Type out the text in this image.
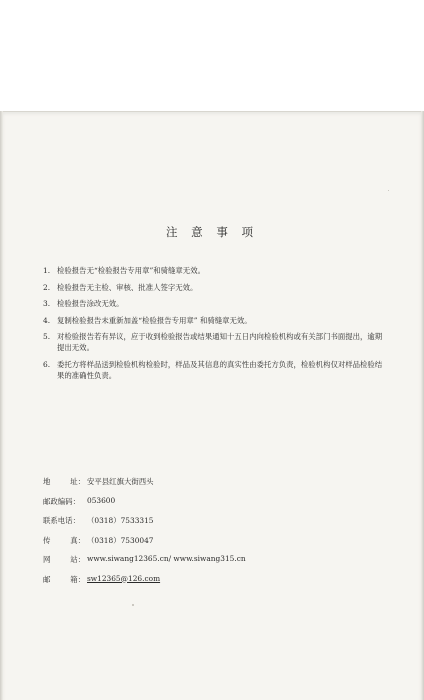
注 意 事 项
1. 检验报告无“检验报告专用章”和骑缝章无效。
2. 检验报告无主检、审核、批准人签字无效。
3. 检验报告涂改无效。
4. 复制检验报告未重新加盖“检验报告专用章” 和骑缝章无效。
5. 对检验报告若有异议，应于收到检验报告或结果通知十五日内向检验机构或有关部门书面提出，逾期提出无效。
6. 委托方将样品送到检验机构检验时，样品及其信息的真实性由委托方负责，检验机构仅对样品检验结果的准确性负责。
地	址： 安平县红旗大街西头
邮政编码： 053600
联系电话： （0318）7533315
传	真： （0318）7530047
网	站： www.siwang12365.cn/ www.siwang315.cn
邮	箱： sw12365@126.com
